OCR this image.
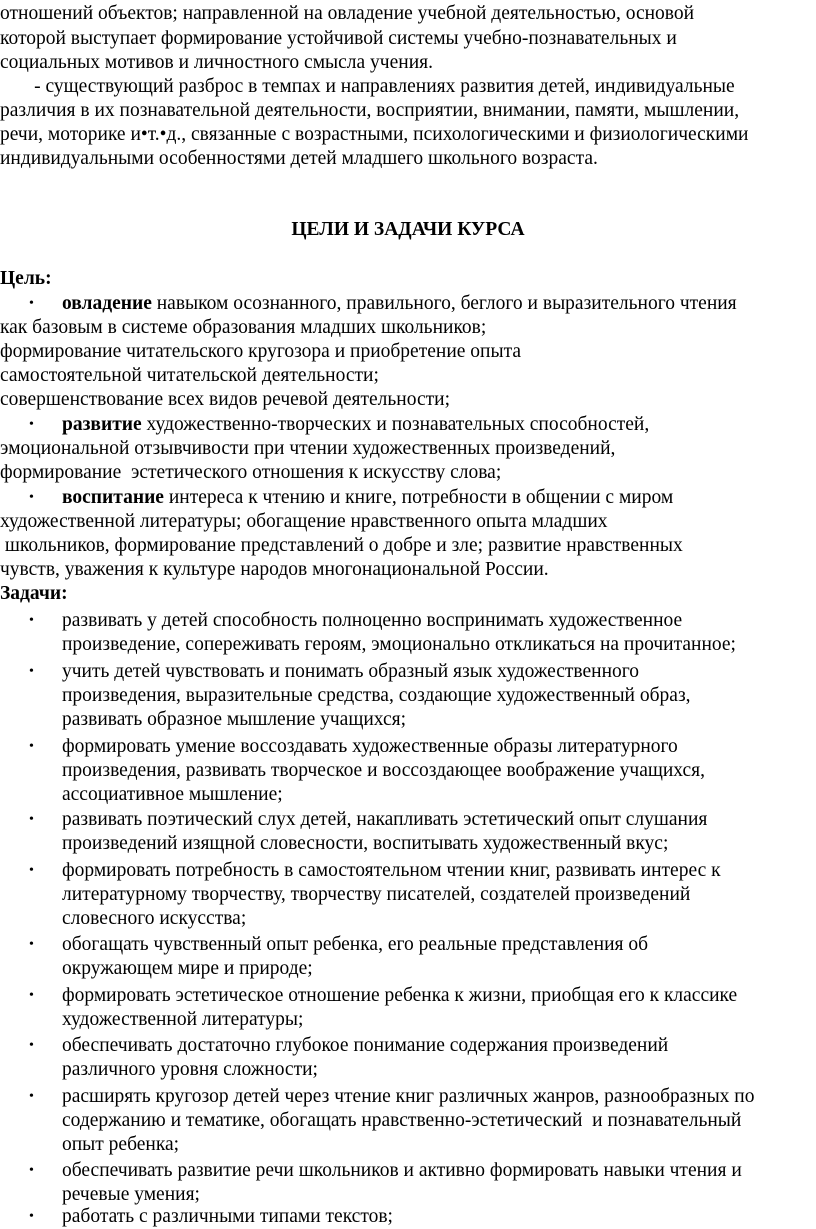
отношений объектов; направленной на овладение учебной деятельностью, основой
которой выступает формирование устойчивой системы учебно-познавательных и
социальных мотивов и личностного смысла учения.
- существующий разброс в темпах и направлениях развития детей, индивидуальные
различия в их познавательной деятельности, восприятии, внимании, памяти, мышлении,
речи, моторике и•т.•д., связанные с возрастными, психологическими и физиологическими
индивидуальными особенностями детей младшего школьного возраста.
ЦЕЛИ И ЗАДАЧИ КУРСА
Цель:
• овладение навыком осознанного, правильного, беглого и выразительного чтения
как базовым в системе образования младших школьников;
формирование читательского кругозора и приобретение опыта
самостоятельной читательской деятельности;
совершенствование всех видов речевой деятельности;
• развитие художественно-творческих и познавательных способностей,
эмоциональной отзывчивости при чтении художественных произведений,
формирование  эстетического отношения к искусству слова;
• воспитание интереса к чтению и книге, потребности в общении с миром
художественной литературы; обогащение нравственного опыта младших
школьников, формирование представлений о добре и зле; развитие нравственных
чувств, уважения к культуре народов многонациональной России.
Задачи:
• развивать у детей способность полноценно воспринимать художественное
произведение, сопереживать героям, эмоционально откликаться на прочитанное;
• учить детей чувствовать и понимать образный язык художественного
произведения, выразительные средства, создающие художественный образ,
развивать образное мышление учащихся;
• формировать умение воссоздавать художественные образы литературного
произведения, развивать творческое и воссоздающее воображение учащихся,
ассоциативное мышление;
• развивать поэтический слух детей, накапливать эстетический опыт слушания
произведений изящной словесности, воспитывать художественный вкус;
• формировать потребность в самостоятельном чтении книг, развивать интерес к
литературному творчеству, творчеству писателей, создателей произведений
словесного искусства;
• обогащать чувственный опыт ребенка, его реальные представления об
окружающем мире и природе;
• формировать эстетическое отношение ребенка к жизни, приобщая его к классике
художественной литературы;
• обеспечивать достаточно глубокое понимание содержания произведений
различного уровня сложности;
• расширять кругозор детей через чтение книг различных жанров, разнообразных по
содержанию и тематике, обогащать нравственно-эстетический  и познавательный
опыт ребенка;
• обеспечивать развитие речи школьников и активно формировать навыки чтения и
речевые умения;
• работать с различными типами текстов;
